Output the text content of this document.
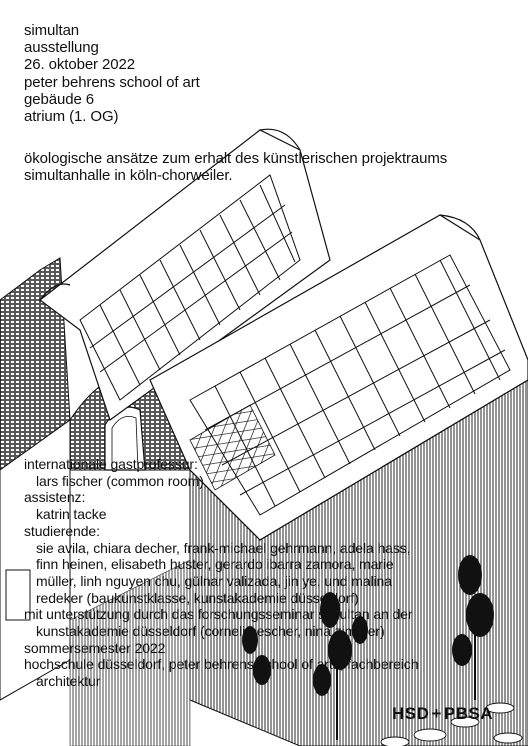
simultan
ausstellung
26. oktober 2022
peter behrens school of art
gebäude 6
atrium (1. OG)
ökologische ansätze zum erhalt des künstlerischen projektraums
simultanhalle in köln-chorweiler.
internationale gastprofessur:
lars fischer (common room)
assistenz:
katrin tacke
studierende:
sie avila, chiara decher, frank-michael gehrmann, adela hass,
finn heinen, elisabeth huster, gerardo ibarra zamora, marie
müller, linh nguyen chu, gülnar valizada, jin ye, und malina
redeker (baukunstklasse, kunstakademie düsseldorf)
mit unterstützung durch das forschungsseminar simultan an der
kunstakademie düsseldorf (cornelia escher, nina zimmer)
sommersemester 2022
hochschule düsseldorf, peter behrens school of arts, fachbereich
architektur
HSD + PBSA
